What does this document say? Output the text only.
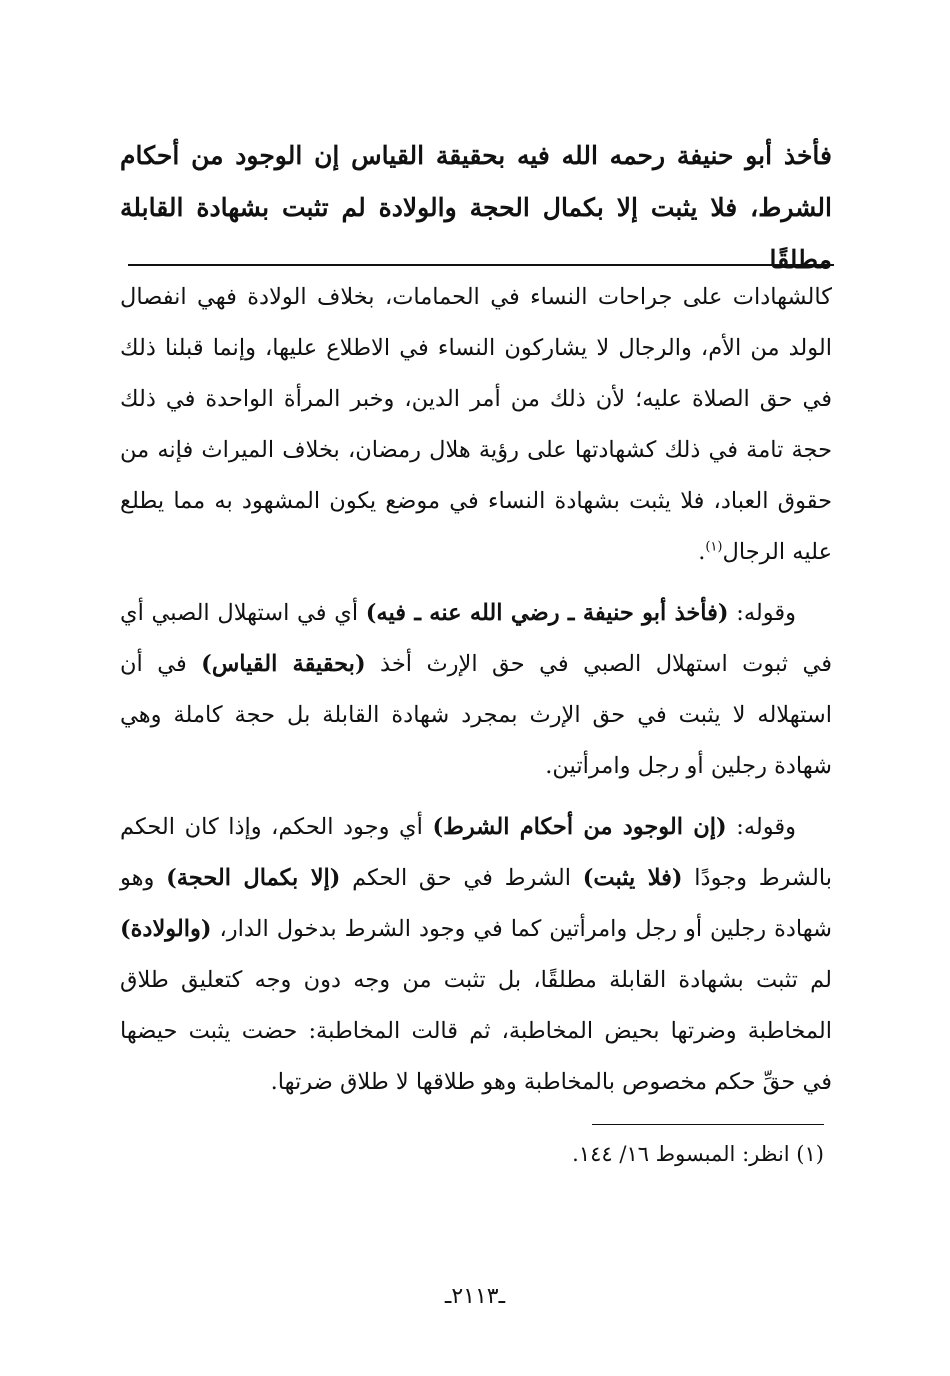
فأخذ أبو حنيفة رحمه الله فيه بحقيقة القياس إن الوجود من أحكام

الشرط، فلا يثبت إلا بكمال الحجة والولادة لم تثبت بشهادة القابلة مطلقًا

كالشهادات على جراحات النساء في الحمامات، بخلاف الولادة فهي انفصال الولد من الأم، والرجال لا يشاركون النساء في الاطلاع عليها، وإنما قبلنا ذلك في حق الصلاة عليه؛ لأن ذلك من أمر الدين، وخبر المرأة الواحدة في ذلك حجة تامة في ذلك كشهادتها على رؤية هلال رمضان، بخلاف الميراث فإنه من حقوق العباد، فلا يثبت بشهادة النساء في موضع يكون المشهود به مما يطلع عليه الرجال$^{(١)}$.

وقوله: (فأخذ أبو حنيفة ـ رضي الله عنه ـ فيه) أي في استهلال الصبي أي في ثبوت استهلال الصبي في حق الإرث أخذ (بحقيقة القياس) في أن استهلاله لا يثبت في حق الإرث بمجرد شهادة القابلة بل حجة كاملة وهي شهادة رجلين أو رجل وامرأتين.

وقوله: (إن الوجود من أحكام الشرط) أي وجود الحكم، وإذا كان الحكم بالشرط وجودًا (فلا يثبت) الشرط في حق الحكم (إلا بكمال الحجة) وهو شهادة رجلين أو رجل وامرأتين كما في وجود الشرط بدخول الدار، (والولادة) لم تثبت بشهادة القابلة مطلقًا، بل تثبت من وجه دون وجه كتعليق طلاق المخاطبة وضرتها بحيض المخاطبة، ثم قالت المخاطبة: حضت يثبت حيضها في حقِّ حكم مخصوص بالمخاطبة وهو طلاقها لا طلاق ضرتها.

(١) انظر: المبسوط ١٦/ ١٤٤.
ـ٢١١٣ـ
